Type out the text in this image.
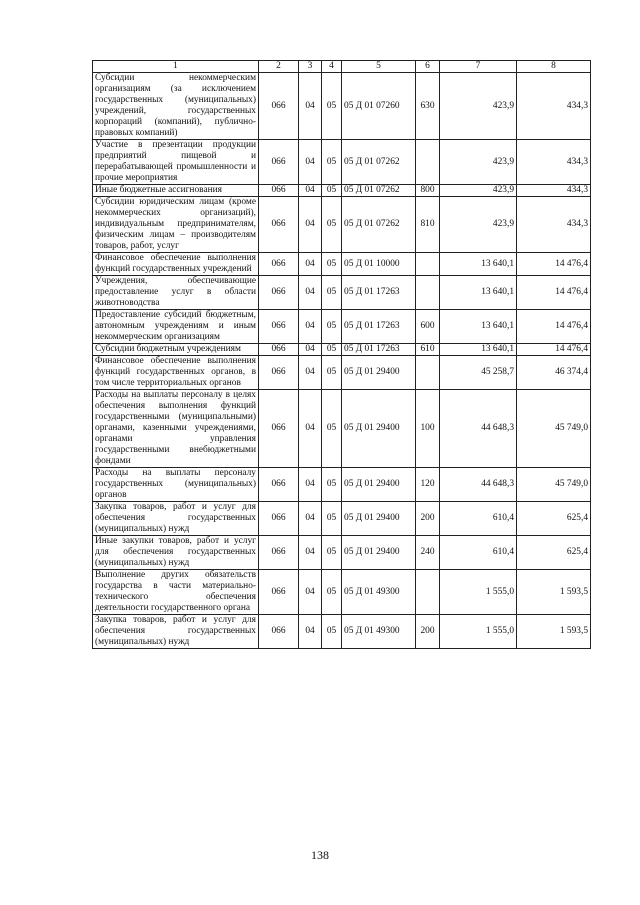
1	2	3	4	5	6	7	8
Субсидии некоммерческим организациям (за исключением государственных (муниципальных) учреждений, государственных корпораций (компаний), публично-правовых компаний)	066	04	05	05 Д 01 07260	630	423,9	434,3
Участие в презентации продукции предприятий пищевой и перерабатывающей промышленности и прочие мероприятия	066	04	05	05 Д 01 07262		423,9	434,3
Иные бюджетные ассигнования	066	04	05	05 Д 01 07262	800	423,9	434,3
Субсидии юридическим лицам (кроме некоммерческих организаций), индивидуальным предпринимателям, физическим лицам – производителям товаров, работ, услуг	066	04	05	05 Д 01 07262	810	423,9	434,3
Финансовое обеспечение выполнения функций государственных учреждений	066	04	05	05 Д 01 10000		13 640,1	14 476,4
Учреждения, обеспечивающие предоставление услуг в области животноводства	066	04	05	05 Д 01 17263		13 640,1	14 476,4
Предоставление субсидий бюджетным, автономным учреждениям и иным некоммерческим организациям	066	04	05	05 Д 01 17263	600	13 640,1	14 476,4
Субсидии бюджетным учреждениям	066	04	05	05 Д 01 17263	610	13 640,1	14 476,4
Финансовое обеспечение выполнения функций государственных органов, в том числе территориальных органов	066	04	05	05 Д 01 29400		45 258,7	46 374,4
Расходы на выплаты персоналу в целях обеспечения выполнения функций государственными (муниципальными) органами, казенными учреждениями, органами управления государственными внебюджетными фондами	066	04	05	05 Д 01 29400	100	44 648,3	45 749,0
Расходы на выплаты персоналу государственных (муниципальных) органов	066	04	05	05 Д 01 29400	120	44 648,3	45 749,0
Закупка товаров, работ и услуг для обеспечения государственных (муниципальных) нужд	066	04	05	05 Д 01 29400	200	610,4	625,4
Иные закупки товаров, работ и услуг для обеспечения государственных (муниципальных) нужд	066	04	05	05 Д 01 29400	240	610,4	625,4
Выполнение других обязательств государства в части материально-технического обеспечения деятельности государственного органа	066	04	05	05 Д 01 49300		1 555,0	1 593,5
Закупка товаров, работ и услуг для обеспечения государственных (муниципальных) нужд	066	04	05	05 Д 01 49300	200	1 555,0	1 593,5
138
